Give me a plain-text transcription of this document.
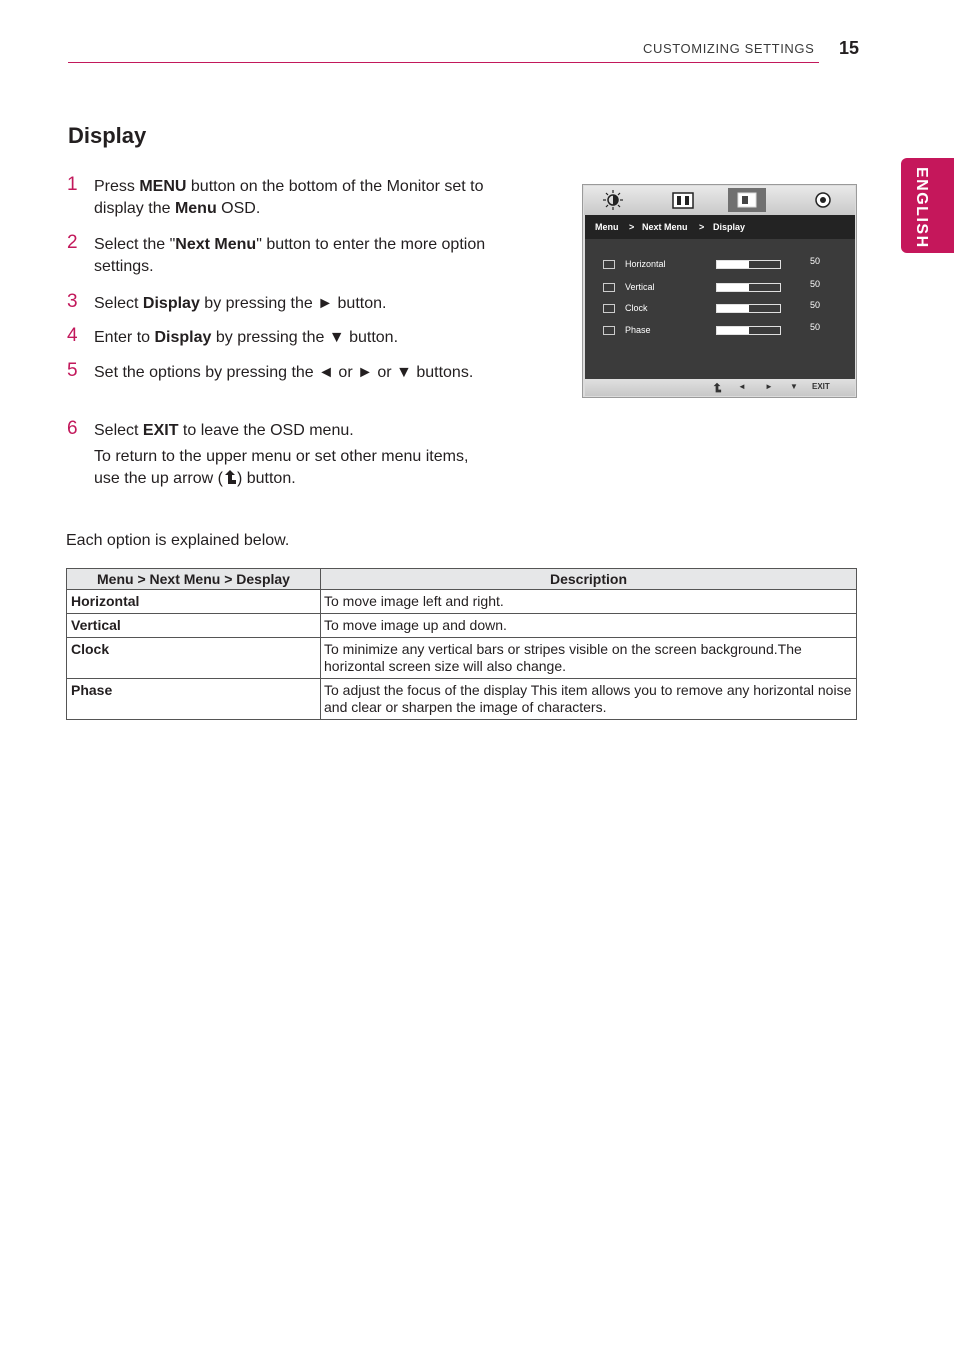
CUSTOMIZING SETTINGS 15
ENGLISH
Display
1 Press MENU button on the bottom of the Monitor set to display the Menu OSD.
2 Select the "Next Menu" button to enter the more option settings.
3 Select Display by pressing the ► button.
4 Enter to Display by pressing the ▼ button.
5 Set the options by pressing the ◄ or ► or ▼ buttons.
6 Select EXIT to leave the OSD menu.
To return to the upper menu or set other menu items, use the up arrow ( ) button.
Menu > Next Menu > Display
Horizontal	50
Vertical	50
Clock	50
Phase	50
◄ ► ▼ EXIT
Each option is explained below.
Menu > Next Menu > Desplay	Description
Horizontal	To move image left and right.
Vertical	To move image up and down.
Clock	To minimize any vertical bars or stripes visible on the screen background.The horizontal screen size will also change.
Phase	To adjust the focus of the display This item allows you to remove any horizontal noise and clear or sharpen the image of characters.
